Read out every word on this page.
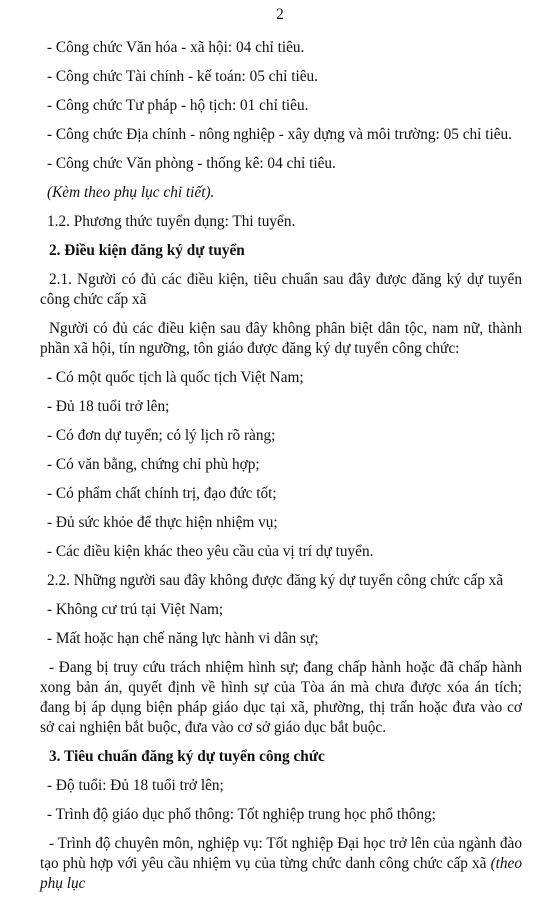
2

- Công chức Văn hóa - xã hội: 04 chỉ tiêu.

- Công chức Tài chính - kế toán: 05 chỉ tiêu.

- Công chức Tư pháp - hộ tịch: 01 chỉ tiêu.

- Công chức Địa chính - nông nghiệp - xây dựng và môi trường: 05 chỉ tiêu.

- Công chức Văn phòng - thống kê: 04 chỉ tiêu.

(Kèm theo phụ lục chi tiết).

1.2. Phương thức tuyển dụng: Thi tuyển.

2. Điều kiện đăng ký dự tuyển

2.1. Người có đủ các điều kiện, tiêu chuẩn sau đây được đăng ký dự tuyển công chức cấp xã

Người có đủ các điều kiện sau đây không phân biệt dân tộc, nam nữ, thành phần xã hội, tín ngưỡng, tôn giáo được đăng ký dự tuyển công chức:

- Có một quốc tịch là quốc tịch Việt Nam;

- Đủ 18 tuổi trở lên;

- Có đơn dự tuyển; có lý lịch rõ ràng;

- Có văn bằng, chứng chỉ phù hợp;

- Có phẩm chất chính trị, đạo đức tốt;

- Đủ sức khỏe để thực hiện nhiệm vụ;

- Các điều kiện khác theo yêu cầu của vị trí dự tuyển.

2.2. Những người sau đây không được đăng ký dự tuyển công chức cấp xã

- Không cư trú tại Việt Nam;

- Mất hoặc hạn chế năng lực hành vi dân sự;

- Đang bị truy cứu trách nhiệm hình sự; đang chấp hành hoặc đã chấp hành xong bản án, quyết định về hình sự của Tòa án mà chưa được xóa án tích; đang bị áp dụng biện pháp giáo dục tại xã, phường, thị trấn hoặc đưa vào cơ sở cai nghiện bắt buộc, đưa vào cơ sở giáo dục bắt buộc.

3. Tiêu chuẩn đăng ký dự tuyển công chức

- Độ tuổi: Đủ 18 tuổi trở lên;

- Trình độ giáo dục phổ thông: Tốt nghiệp trung học phổ thông;

- Trình độ chuyên môn, nghiệp vụ: Tốt nghiệp Đại học trở lên của ngành đào tạo phù hợp với yêu cầu nhiệm vụ của từng chức danh công chức cấp xã (theo phụ lục
